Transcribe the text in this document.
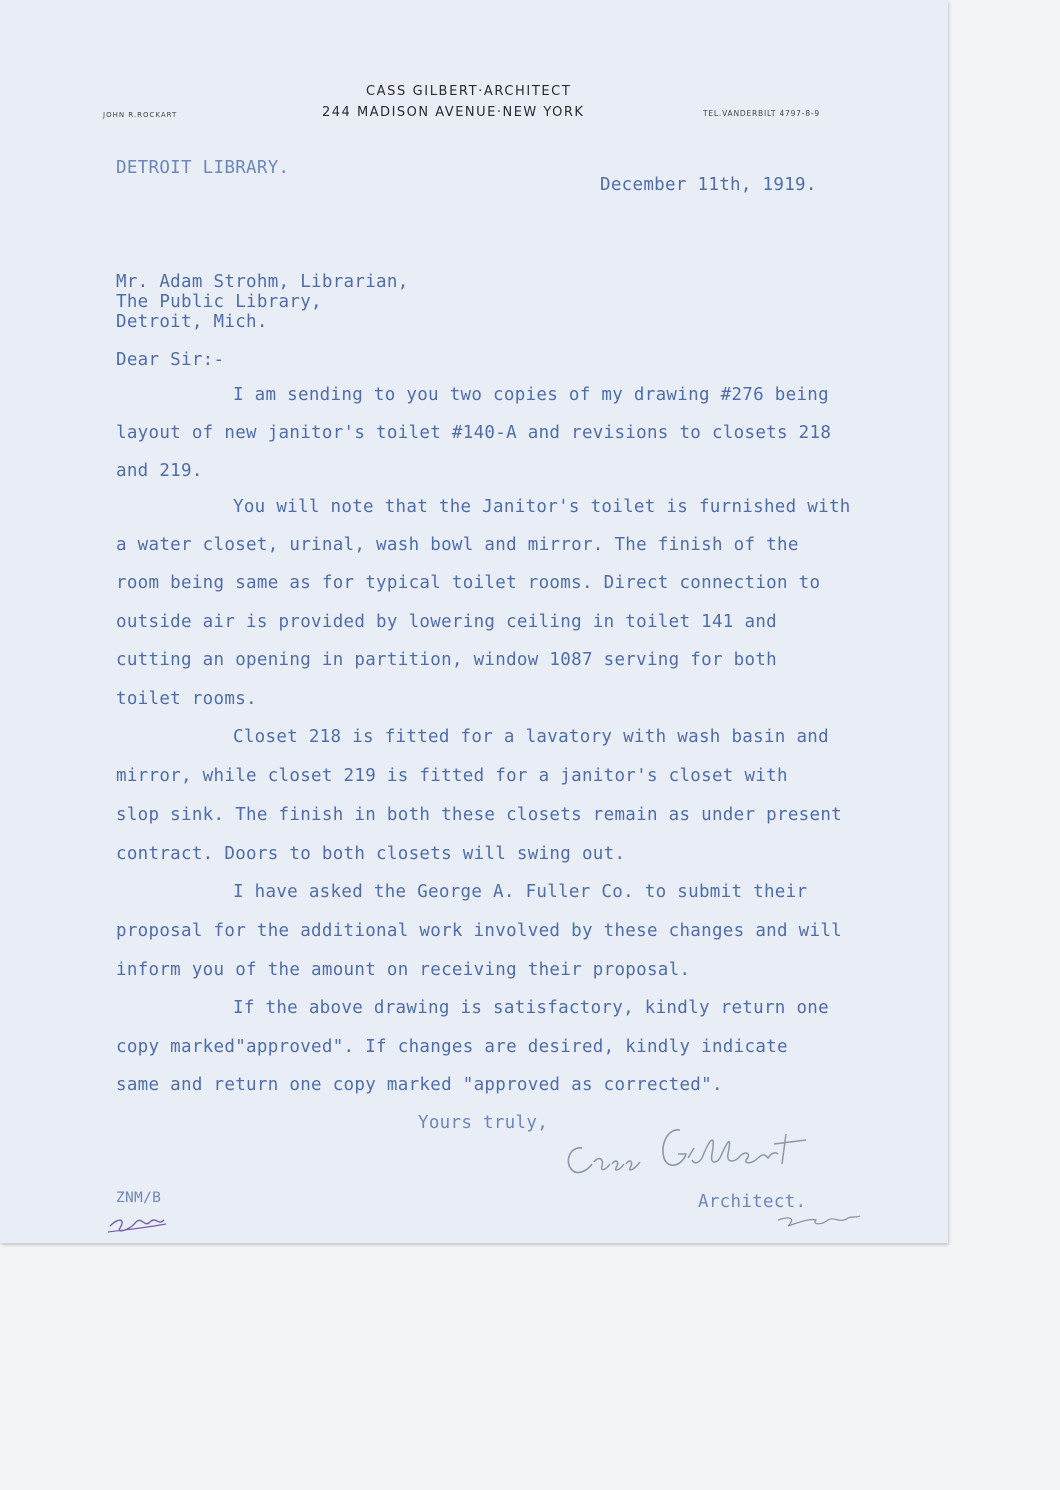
CASS GILBERT·ARCHITECT
244 MADISON AVENUE·NEW YORK
JOHN R.ROCKART	TEL.VANDERBILT 4797-8-9
DETROIT LIBRARY.
December 11th, 1919.
Mr. Adam Strohm, Librarian,
The Public Library,
Detroit, Mich.
Dear Sir:-
I am sending to you two copies of my drawing #276 being
layout of new janitor's toilet #140-A and revisions to closets 218
and 219.
You will note that the Janitor's toilet is furnished with
a water closet, urinal, wash bowl and mirror. The finish of the
room being same as for typical toilet rooms. Direct connection to
outside air is provided by lowering ceiling in toilet 141 and
cutting an opening in partition, window 1087 serving for both
toilet rooms.
Closet 218 is fitted for a lavatory with wash basin and
mirror, while closet 219 is fitted for a janitor's closet with
slop sink. The finish in both these closets remain as under present
contract. Doors to both closets will swing out.
I have asked the George A. Fuller Co. to submit their
proposal for the additional work involved by these changes and will
inform you of the amount on receiving their proposal.
If the above drawing is satisfactory, kindly return one
copy marked"approved". If changes are desired, kindly indicate
same and return one copy marked "approved as corrected".
Yours truly,
Architect.
ZNM/B
